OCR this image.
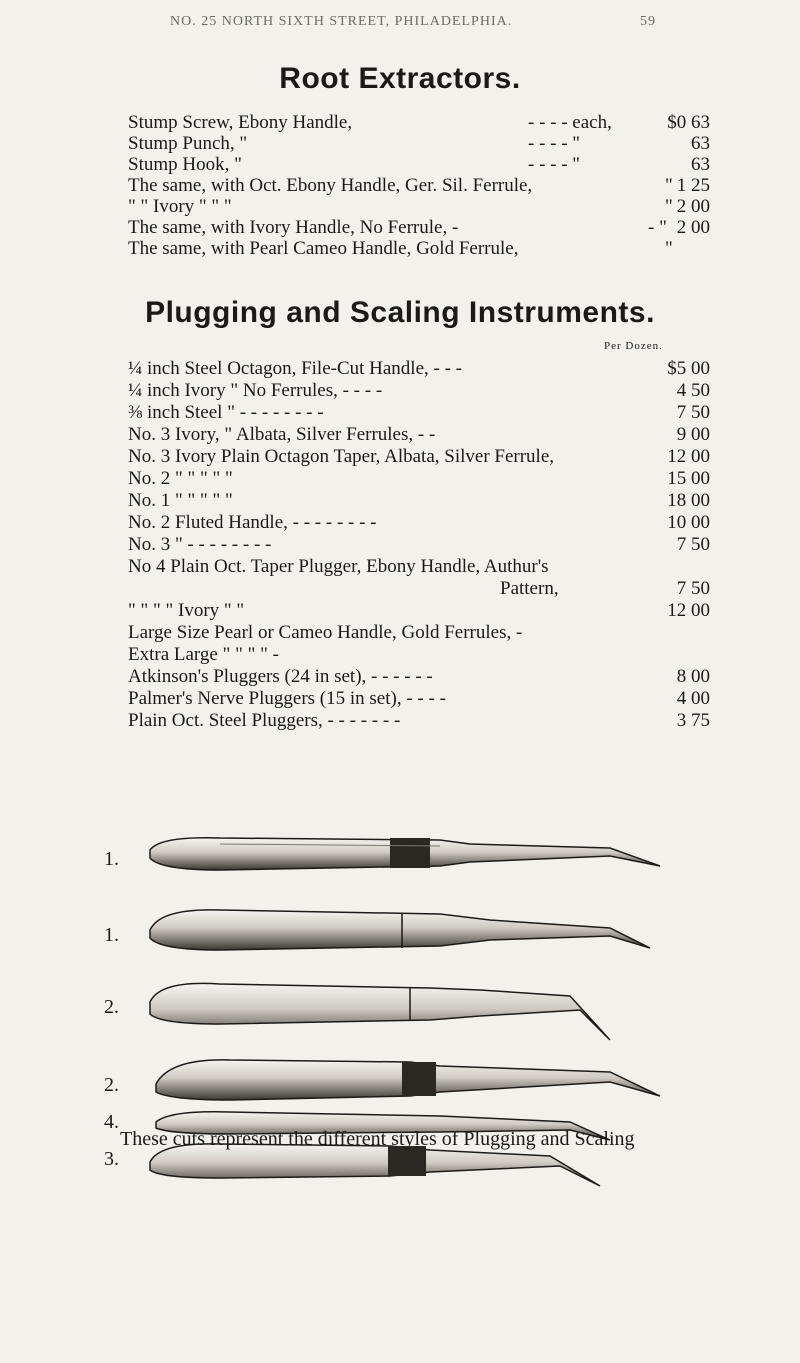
NO. 25 NORTH SIXTH STREET, PHILADELPHIA.	59
Root Extractors.
Stump Screw, Ebony Handle,	- - - - each,	$0 63
Stump Punch, "	- - - - "	63
Stump Hook, "	- - - - "	63
The same, with Oct. Ebony Handle, Ger. Sil. Ferrule,	" 1 25
" " Ivory " " "	" 2 00
The same, with Ivory Handle, No Ferrule, -	- " 2 00
The same, with Pearl Cameo Handle, Gold Ferrule,	"
Plugging and Scaling Instruments.
Per Dozen.
¼ inch Steel Octagon, File-Cut Handle, - - -	$5 00
¼ inch Ivory " No Ferrules, - - - -	4 50
⅜ inch Steel " - - - - - - - -	7 50
No. 3 Ivory, " Albata, Silver Ferrules, - -	9 00
No. 3 Ivory Plain Octagon Taper, Albata, Silver Ferrule,	12 00
No. 2 " " " " "	15 00
No. 1 " " " " "	18 00
No. 2 Fluted Handle, - - - - - - - -	10 00
No. 3 " - - - - - - - -	7 50
No 4 Plain Oct. Taper Plugger, Ebony Handle, Authur's
Pattern,	7 50
" " " " Ivory " "	12 00
Large Size Pearl or Cameo Handle, Gold Ferrules, -
Extra Large " " " " -
Atkinson's Pluggers (24 in set), - - - - - -	8 00
Palmer's Nerve Pluggers (15 in set), - - - -	4 00
Plain Oct. Steel Pluggers, - - - - - - -	3 75
1.
1.
2.
2.
4.
3.
These cuts represent the different styles of Plugging and Scaling
